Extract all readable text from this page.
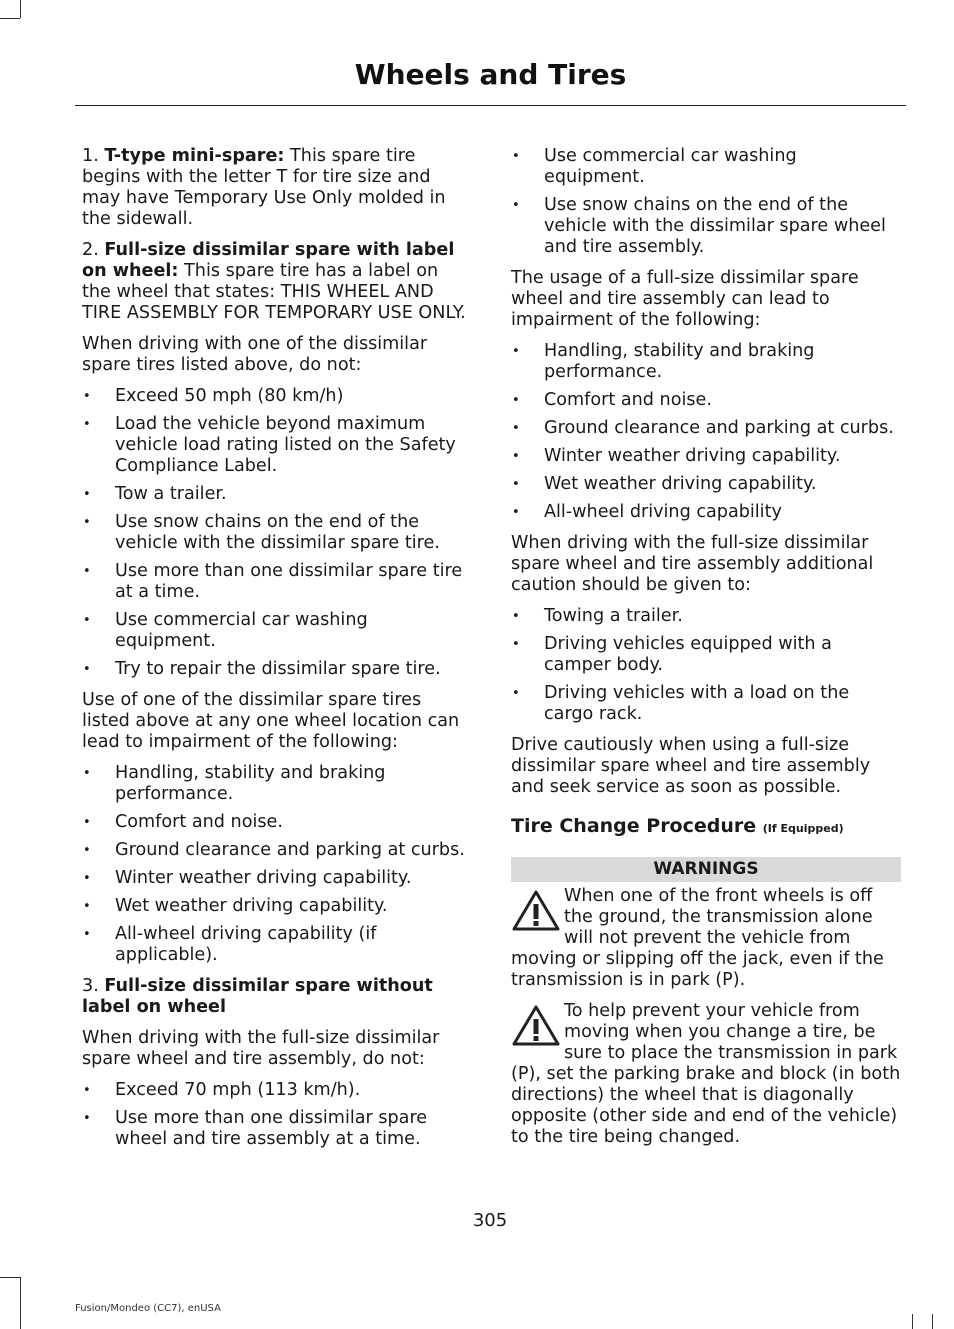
Wheels and Tires

1. T-type mini-spare: This spare tire begins with the letter T for tire size and may have Temporary Use Only molded in the sidewall.

2. Full-size dissimilar spare with label on wheel: This spare tire has a label on the wheel that states: THIS WHEEL AND TIRE ASSEMBLY FOR TEMPORARY USE ONLY.

When driving with one of the dissimilar spare tires listed above, do not:

• Exceed 50 mph (80 km/h)
• Load the vehicle beyond maximum vehicle load rating listed on the Safety Compliance Label.
• Tow a trailer.
• Use snow chains on the end of the vehicle with the dissimilar spare tire.
• Use more than one dissimilar spare tire at a time.
• Use commercial car washing equipment.
• Try to repair the dissimilar spare tire.

Use of one of the dissimilar spare tires listed above at any one wheel location can lead to impairment of the following:

• Handling, stability and braking performance.
• Comfort and noise.
• Ground clearance and parking at curbs.
• Winter weather driving capability.
• Wet weather driving capability.
• All-wheel driving capability (if applicable).

3. Full-size dissimilar spare without label on wheel

When driving with the full-size dissimilar spare wheel and tire assembly, do not:

• Exceed 70 mph (113 km/h).
• Use more than one dissimilar spare wheel and tire assembly at a time.
• Use commercial car washing equipment.
• Use snow chains on the end of the vehicle with the dissimilar spare wheel and tire assembly.

The usage of a full-size dissimilar spare wheel and tire assembly can lead to impairment of the following:

• Handling, stability and braking performance.
• Comfort and noise.
• Ground clearance and parking at curbs.
• Winter weather driving capability.
• Wet weather driving capability.
• All-wheel driving capability

When driving with the full-size dissimilar spare wheel and tire assembly additional caution should be given to:

• Towing a trailer.
• Driving vehicles equipped with a camper body.
• Driving vehicles with a load on the cargo rack.

Drive cautiously when using a full-size dissimilar spare wheel and tire assembly and seek service as soon as possible.

Tire Change Procedure (If Equipped)
WARNINGS
When one of the front wheels is off the ground, the transmission alone will not prevent the vehicle from moving or slipping off the jack, even if the transmission is in park (P).
To help prevent your vehicle from moving when you change a tire, be sure to place the transmission in park (P), set the parking brake and block (in both directions) the wheel that is diagonally opposite (other side and end of the vehicle) to the tire being changed.
305
Fusion/Mondeo (CC7), enUSA
